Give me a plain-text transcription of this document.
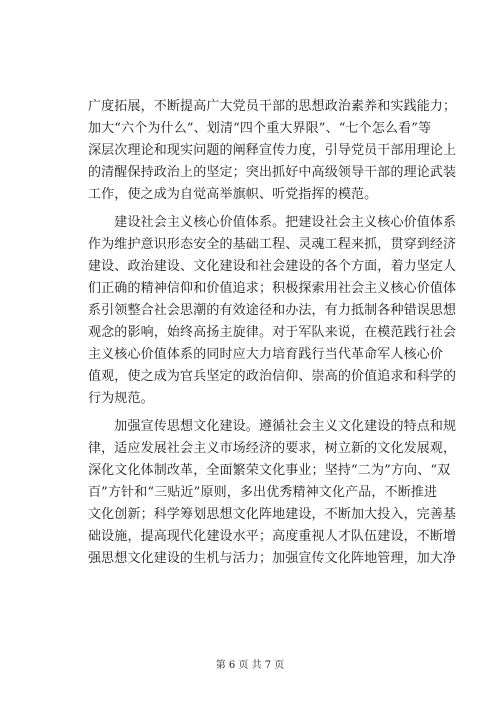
广度拓展，不断提高广大党员干部的思想政治素养和实践能力；
加大“六个为什么”、划清“四个重大界限”、“七个怎么看”等
深层次理论和现实问题的阐释宣传力度，引导党员干部用理论上
的清醒保持政治上的坚定；突出抓好中高级领导干部的理论武装
工作，使之成为自觉高举旗帜、听党指挥的模范。
　　建设社会主义核心价值体系。把建设社会主义核心价值体系
作为维护意识形态安全的基础工程、灵魂工程来抓，贯穿到经济
建设、政治建设、文化建设和社会建设的各个方面，着力坚定人
们正确的精神信仰和价值追求；积极探索用社会主义核心价值体
系引领整合社会思潮的有效途径和办法，有力抵制各种错误思想
观念的影响，始终高扬主旋律。对于军队来说，在模范践行社会
主义核心价值体系的同时应大力培育践行当代革命军人核心价
值观，使之成为官兵坚定的政治信仰、崇高的价值追求和科学的
行为规范。
　　加强宣传思想文化建设。遵循社会主义文化建设的特点和规
律，适应发展社会主义市场经济的要求，树立新的文化发展观，
深化文化体制改革，全面繁荣文化事业；坚持“二为”方向、“双
百”方针和“三贴近”原则，多出优秀精神文化产品，不断推进
文化创新；科学筹划思想文化阵地建设，不断加大投入，完善基
础设施，提高现代化建设水平；高度重视人才队伍建设，不断增
强思想文化建设的生机与活力；加强宣传文化阵地管理，加大净
第 6 页 共 7 页
